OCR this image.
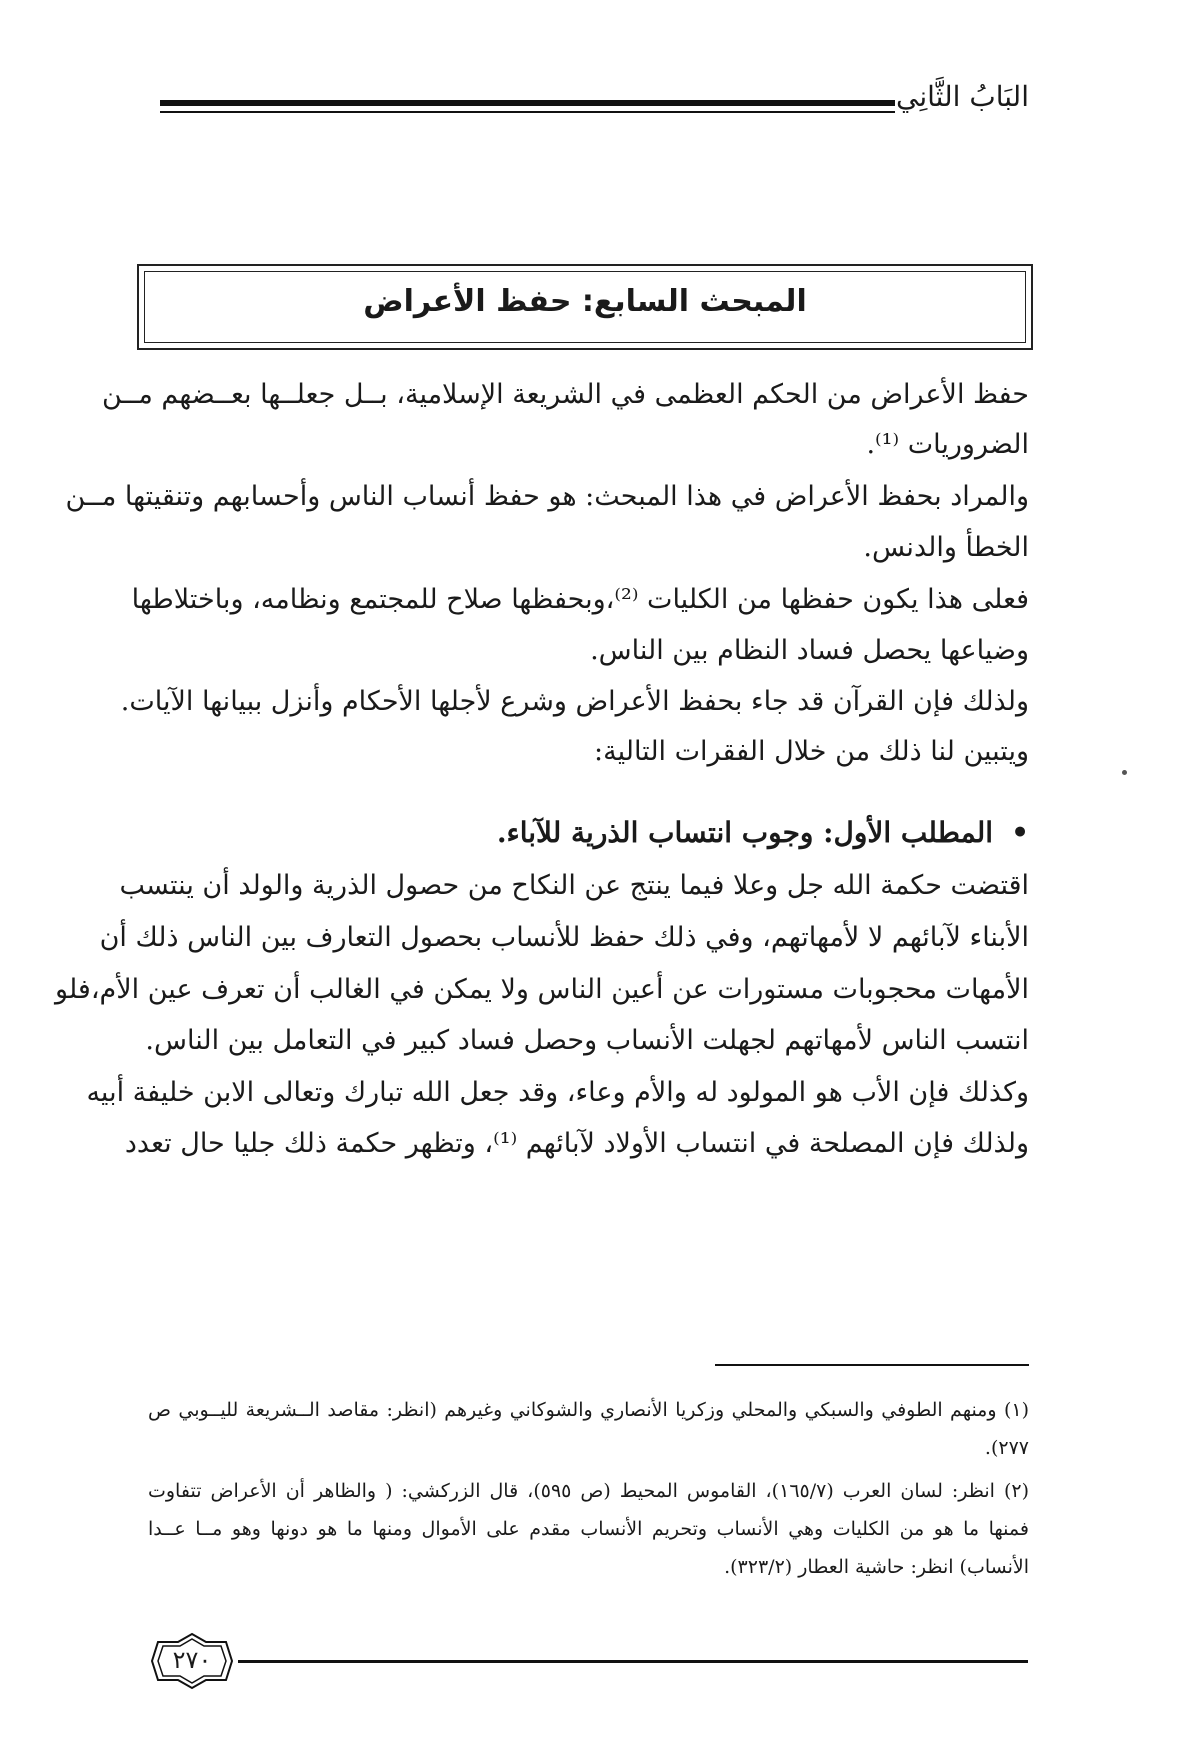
البَابُ الثَّانِي
المبحث السابع: حفظ الأعراض
حفظ الأعراض من الحكم العظمى في الشريعة الإسلامية، بــل جعلــها بعــضهم مــن
الضروريات ⁽¹⁾.
والمراد بحفظ الأعراض في هذا المبحث: هو حفظ أنساب الناس وأحسابهم وتنقيتها مــن
الخطأ والدنس.
فعلى هذا يكون حفظها من الكليات ⁽²⁾،وبحفظها صلاح للمجتمع ونظامه، وباختلاطها
وضياعها يحصل فساد النظام بين الناس.
ولذلك فإن القرآن قد جاء بحفظ الأعراض وشرع لأجلها الأحكام وأنزل ببيانها الآيات.
ويتبين لنا ذلك من خلال الفقرات التالية:
•المطلب الأول: وجوب انتساب الذرية للآباء.
اقتضت حكمة الله جل وعلا فيما ينتج عن النكاح من حصول الذرية والولد أن ينتسب
الأبناء لآبائهم لا لأمهاتهم، وفي ذلك حفظ للأنساب بحصول التعارف بين الناس ذلك أن
الأمهات محجوبات مستورات عن أعين الناس ولا يمكن في الغالب أن تعرف عين الأم،فلو
انتسب الناس لأمهاتهم لجهلت الأنساب وحصل فساد كبير في التعامل بين الناس.
وكذلك فإن الأب هو المولود له والأم وعاء، وقد جعل الله تبارك وتعالى الابن خليفة أبيه
ولذلك فإن المصلحة في انتساب الأولاد لآبائهم ⁽¹⁾، وتظهر حكمة ذلك جليا حال تعدد
(١) ومنهم الطوفي والسبكي والمحلي وزكريا الأنصاري والشوكاني وغيرهم (انظر: مقاصد الــشريعة لليــوبي ص
٢٧٧).
(٢) انظر: لسان العرب (١٦٥/٧)، القاموس المحيط (ص ٥٩٥)، قال الزركشي: ( والظاهر أن الأعراض تتفاوت
فمنها ما هو من الكليات وهي الأنساب وتحريم الأنساب مقدم على الأموال ومنها ما هو دونها وهو مــا عــدا
الأنساب) انظر: حاشية العطار (٣٢٣/٢).
٢٧٠
